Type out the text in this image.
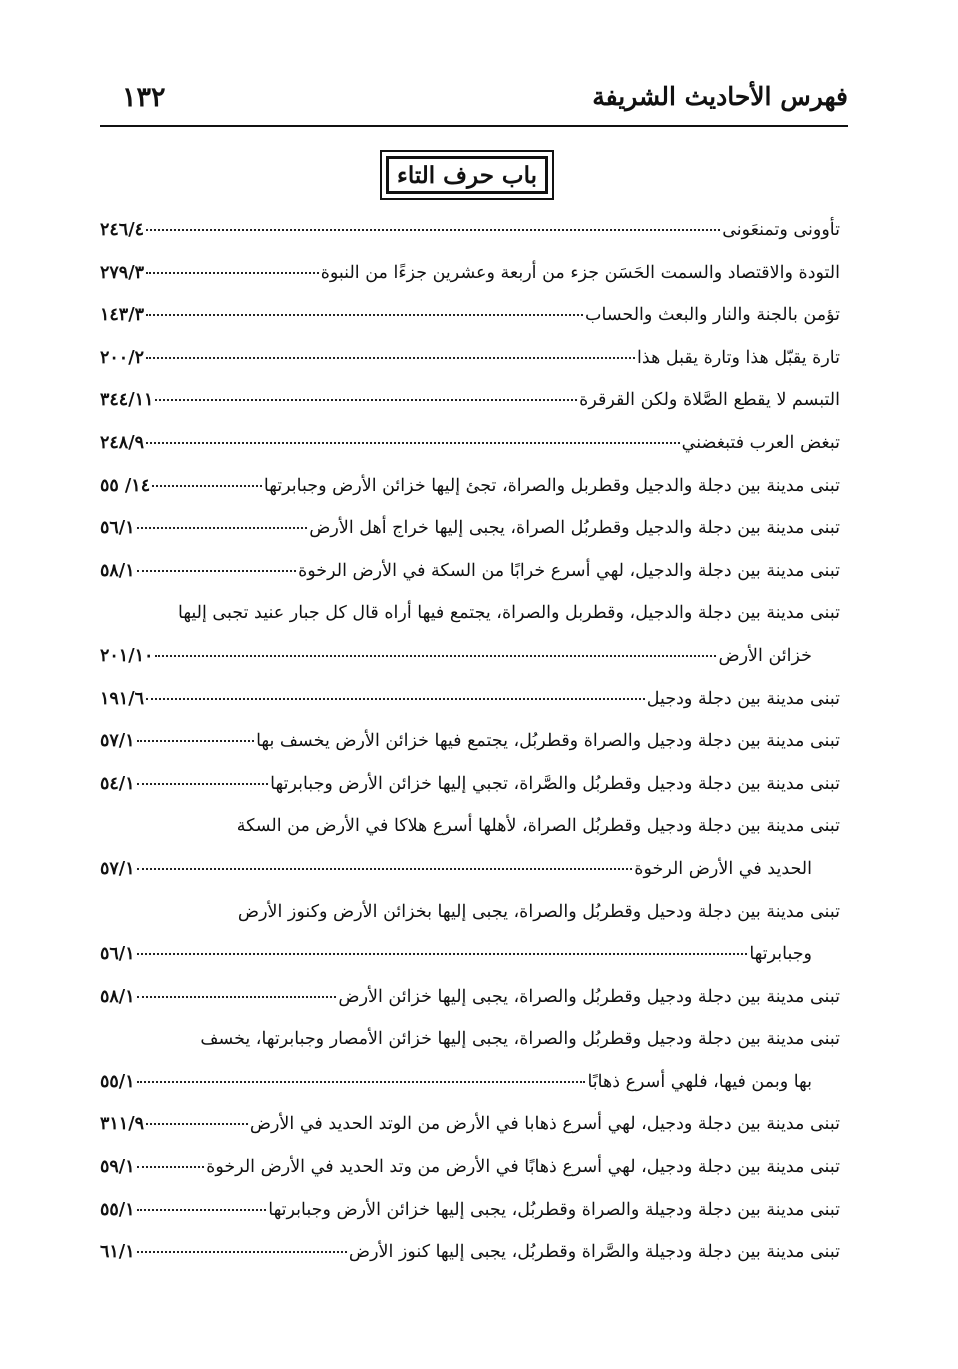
فهرس الأحاديث الشريفة
١٣٢
باب حرف التاء
تأوونى وتمنعَونى
٢٤٦/٤
التودة والاقتصاد والسمت الحَسَن جزء من أربعة وعشرين جزءًا من النبوة
٢٧٩/٣
تؤمن بالجنة والنار والبعث والحساب
١٤٣/٣
تارة يقبّل هذا وتارة يقبل هذا
٢٠٠/٢
التبسم لا يقطع الصَّلاة ولكن القرقرة
٣٤٤/١١
تبغض العرب فتبغضني
٢٤٨/٩
تبنى مدينة بين دجلة والدجيل وقطربل والصراة، تجئ إليها خزائن الأرض وجبابرتها
١٤/ ٥٥
تبنى مدينة بين دجلة والدجيل وقطربُل الصراة، يجبى إليها خراج أهل الأرض
٥٦/١
تبنى مدينة بين دجلة والدجيل، لهي أسرع خرابًا من السكة في الأرض الرخوة
٥٨/١
تبنى مدينة بين دجلة والدجيل، وقطربل والصراة، يجتمع فيها أراه قال كل جبار عنيد تجبى إليها
خزائن الأرض
٢٠١/١٠
تبنى مدينة بين دجلة ودجيل
١٩١/٦
تبنى مدينة بين دجلة ودجيل والصراة وقطربُل، يجتمع فيها خزائن الأرض يخسف بها
٥٧/١
تبنى مدينة بين دجلة ودجيل وقطربُل والصَّراة، تجبي إليها خزائن الأرض وجبابرتها
٥٤/١
تبنى مدينة بين دجلة ودجيل وقطربُل الصراة، لأهلها أسرع هلاكا في الأرض من السكة
الحديد في الأرض الرخوة
٥٧/١
تبنى مدينة بين دجلة ودحيل وقطربُل والصراة، يجبى إليها بخزائن الأرض وكنوز الأرض
وجبابرتها
٥٦/١
تبنى مدينة بين دجلة ودجيل وقطربُل والصراة، يجبى إليها خزائن الأرض
٥٨/١
تبنى مدينة بين دجلة ودجيل وقطربُل والصراة، يجبى إليها خزائن الأمصار وجبابرتها، يخسف
بها وبمن فيها، فلهي أسرع ذهابًا
٥٥/١
تبنى مدينة بين دجلة ودجيل، لهي أسرع ذهابا في الأرض من الوتد الحديد في الأرض
٣١١/٩
تبنى مدينة بين دجلة ودجيل، لهي أسرع ذهابًا في الأرض من وتد الحديد في الأرض الرخوة
٥٩/١
تبنى مدينة بين دجلة ودجيلة والصراة وقطربُل، يجبى إليها خزائن الأرض وجبابرتها
٥٥/١
تبنى مدينة بين دجلة ودجيلة والصَّراة وقطربُل، يجبى إليها كنوز الأرض
٦١/١
